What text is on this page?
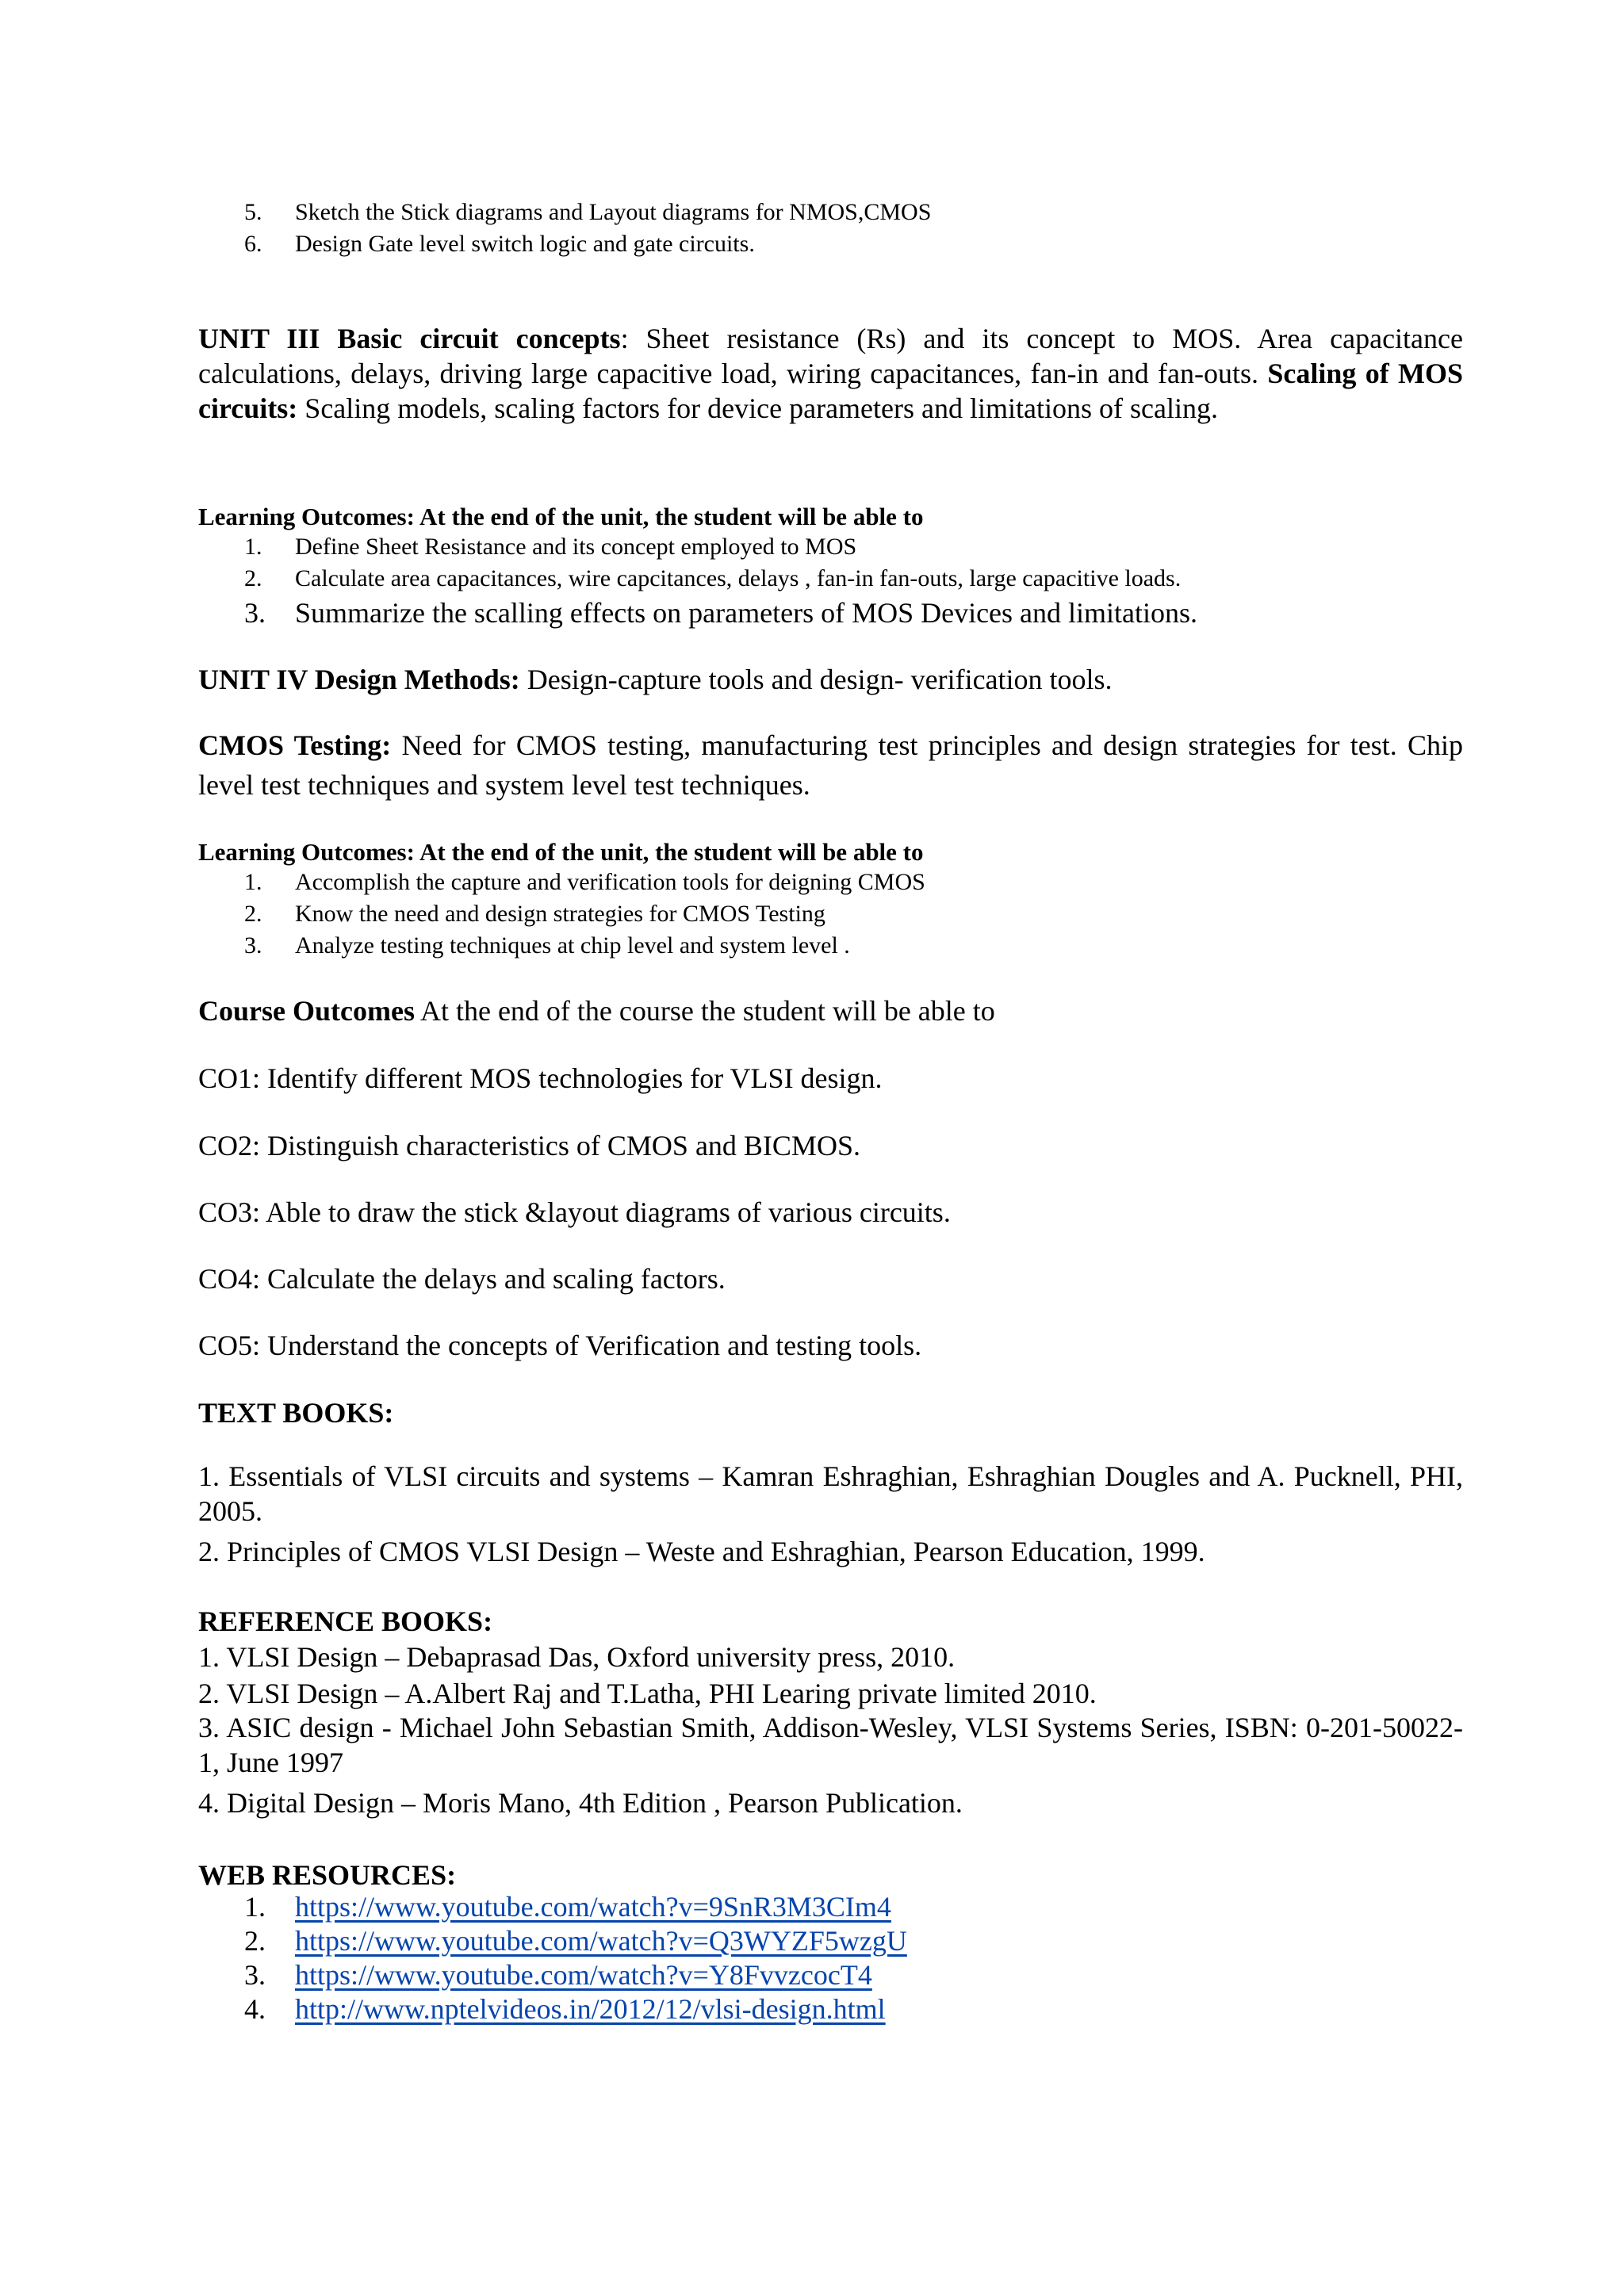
5. Sketch the Stick diagrams and Layout diagrams for NMOS,CMOS
6. Design Gate level switch logic and gate circuits.

UNIT III Basic circuit concepts: Sheet resistance (Rs) and its concept to MOS. Area capacitance calculations, delays, driving large capacitive load, wiring capacitances, fan-in and fan-outs. Scaling of MOS circuits: Scaling models, scaling factors for device parameters and limitations of scaling.

Learning Outcomes: At the end of the unit, the student will be able to
1. Define Sheet Resistance and its concept employed to MOS
2. Calculate area capacitances, wire capcitances, delays , fan-in fan-outs, large capacitive loads.
3. Summarize the scalling effects on parameters of MOS Devices and limitations.

UNIT IV Design Methods: Design-capture tools and design- verification tools.

CMOS Testing: Need for CMOS testing, manufacturing test principles and design strategies for test. Chip level test techniques and system level test techniques.

Learning Outcomes: At the end of the unit, the student will be able to
1. Accomplish the capture and verification tools for deigning CMOS
2. Know the need and design strategies for CMOS Testing
3. Analyze testing techniques at chip level and system level .

Course Outcomes At the end of the course the student will be able to

CO1: Identify different MOS technologies for VLSI design.
CO2: Distinguish characteristics of CMOS and BICMOS.
CO3: Able to draw the stick &layout diagrams of various circuits.
CO4: Calculate the delays and scaling factors.
CO5: Understand the concepts of Verification and testing tools.
TEXT BOOKS:

1. Essentials of VLSI circuits and systems – Kamran Eshraghian, Eshraghian Dougles and A. Pucknell, PHI, 2005.

2. Principles of CMOS VLSI Design – Weste and Eshraghian, Pearson Education, 1999.
REFERENCE BOOKS:
1. VLSI Design – Debaprasad Das, Oxford university press, 2010.
2. VLSI Design – A.Albert Raj and T.Latha, PHI Learing private limited 2010.

3. ASIC design - Michael John Sebastian Smith, Addison-Wesley, VLSI Systems Series, ISBN: 0-201-50022-1, June 1997

4. Digital Design – Moris Mano, 4th Edition , Pearson Publication.
WEB RESOURCES:
1. https://www.youtube.com/watch?v=9SnR3M3CIm4
2. https://www.youtube.com/watch?v=Q3WYZF5wzgU
3. https://www.youtube.com/watch?v=Y8FvvzcocT4
4. http://www.nptelvideos.in/2012/12/vlsi-design.html
